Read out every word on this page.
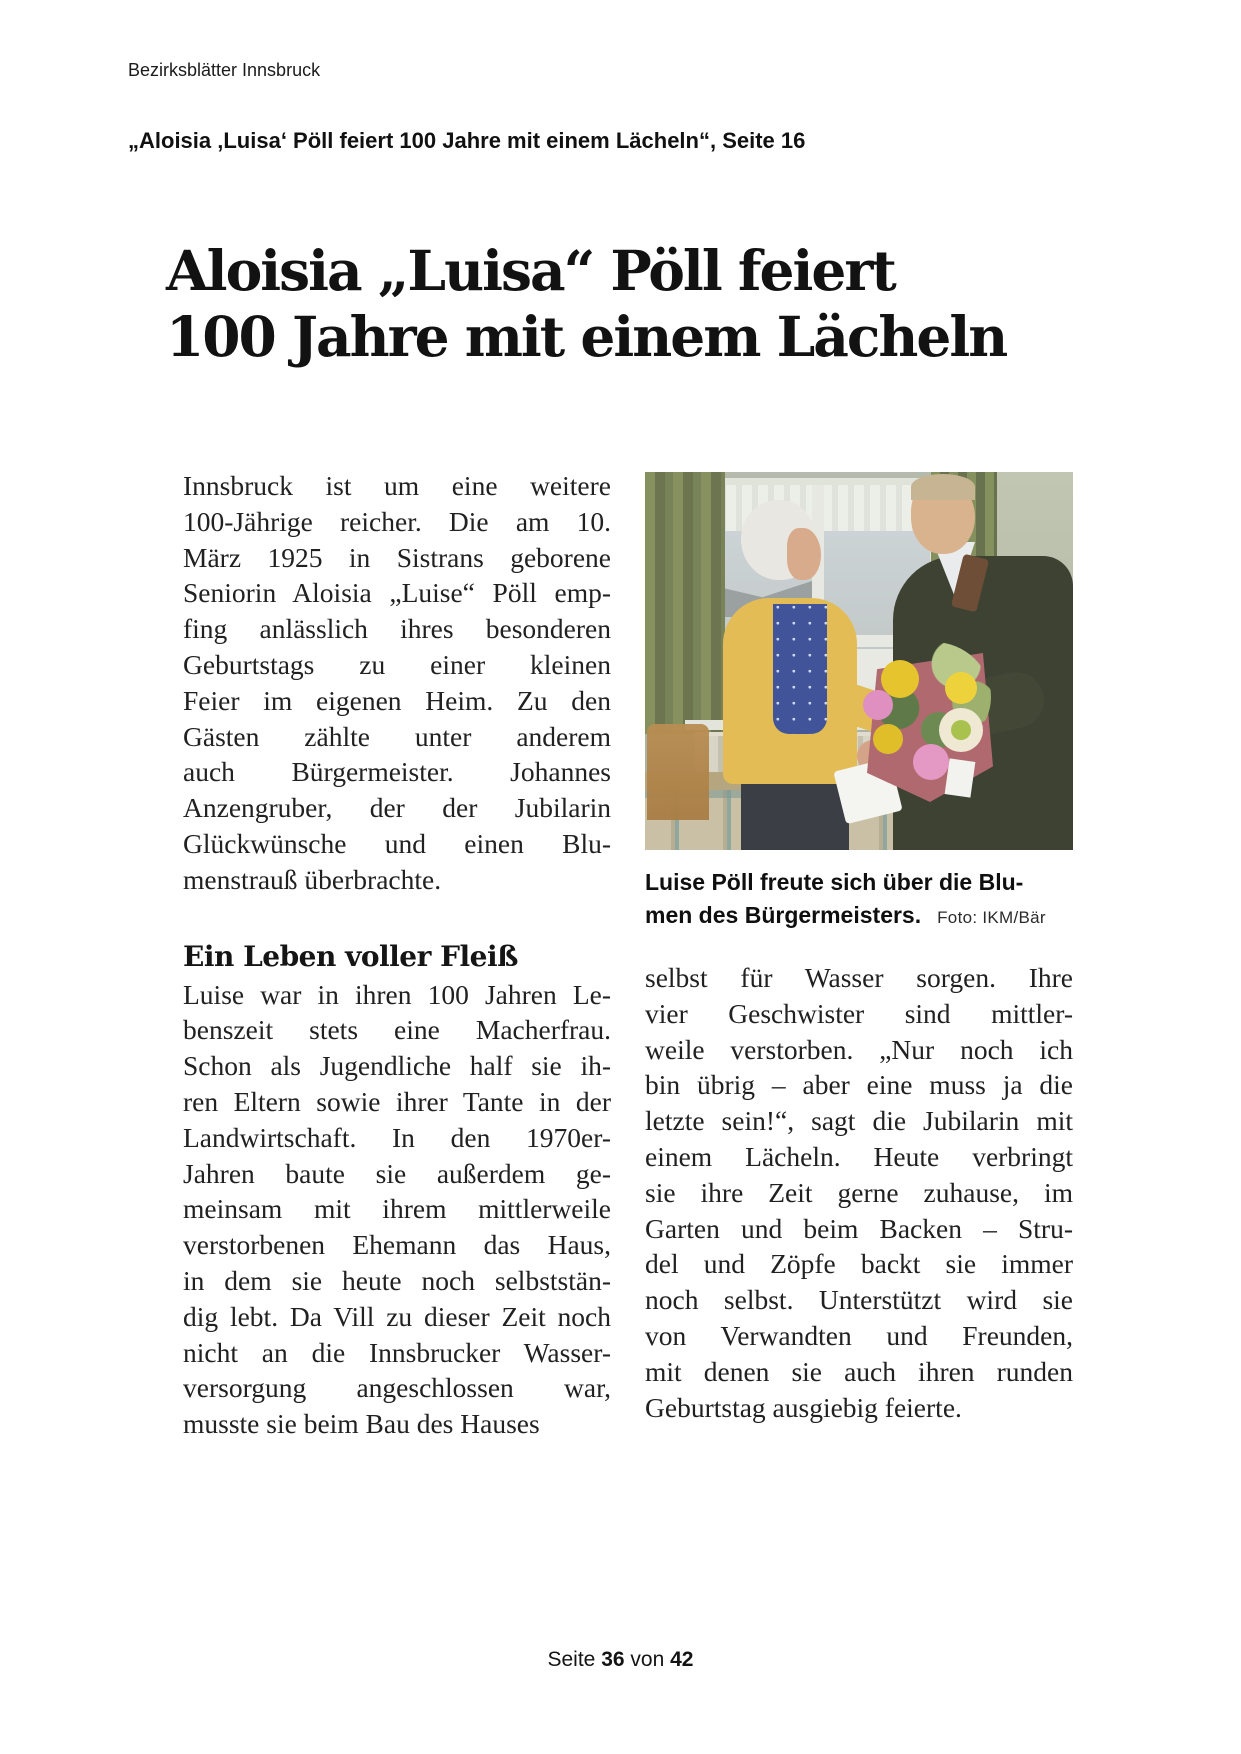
Bezirksblätter Innsbruck
„Aloisia ‚Luisa‘ Pöll feiert 100 Jahre mit einem Lächeln“, Seite 16
Aloisia „Luisa“ Pöll feiert
100 Jahre mit einem Lächeln
Innsbruck ist um eine weitere
100-Jährige reicher. Die am 10.
März 1925 in Sistrans geborene
Seniorin Aloisia „Luise“ Pöll emp-
fing anlässlich ihres besonderen
Geburtstags zu einer kleinen
Feier im eigenen Heim. Zu den
Gästen zählte unter anderem
auch Bürgermeister. Johannes
Anzengruber, der der Jubilarin
Glückwünsche und einen Blu-
menstrauß überbrachte.
Ein Leben voller Fleiß
Luise war in ihren 100 Jahren Le-
benszeit stets eine Macherfrau.
Schon als Jugendliche half sie ih-
ren Eltern sowie ihrer Tante in der
Landwirtschaft. In den 1970er-
Jahren baute sie außerdem ge-
meinsam mit ihrem mittlerweile
verstorbenen Ehemann das Haus,
in dem sie heute noch selbststän-
dig lebt. Da Vill zu dieser Zeit noch
nicht an die Innsbrucker Wasser-
versorgung angeschlossen war,
musste sie beim Bau des Hauses
Luise Pöll freute sich über die Blu-
men des Bürgermeisters. Foto: IKM/Bär
selbst für Wasser sorgen. Ihre
vier Geschwister sind mittler-
weile verstorben. „Nur noch ich
bin übrig – aber eine muss ja die
letzte sein!“, sagt die Jubilarin mit
einem Lächeln. Heute verbringt
sie ihre Zeit gerne zuhause, im
Garten und beim Backen – Stru-
del und Zöpfe backt sie immer
noch selbst. Unterstützt wird sie
von Verwandten und Freunden,
mit denen sie auch ihren runden
Geburtstag ausgiebig feierte.
Seite 36 von 42
